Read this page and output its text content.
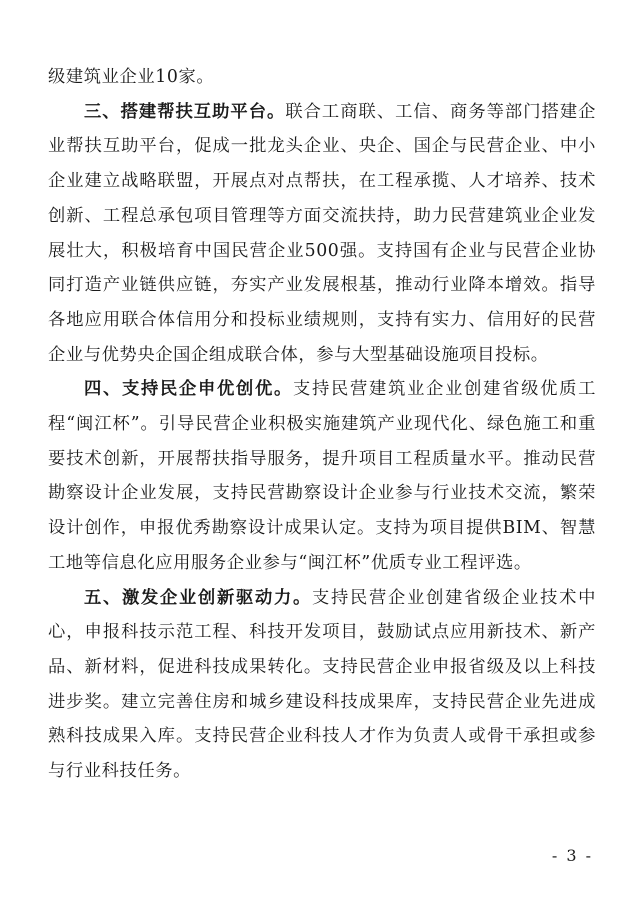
级建筑业企业10家。

三、搭建帮扶互助平台。联合工商联、工信、商务等部门搭建企业帮扶互助平台，促成一批龙头企业、央企、国企与民营企业、中小企业建立战略联盟，开展点对点帮扶，在工程承揽、人才培养、技术创新、工程总承包项目管理等方面交流扶持，助力民营建筑业企业发展壮大，积极培育中国民营企业500强。支持国有企业与民营企业协同打造产业链供应链，夯实产业发展根基，推动行业降本增效。指导各地应用联合体信用分和投标业绩规则，支持有实力、信用好的民营企业与优势央企国企组成联合体，参与大型基础设施项目投标。

四、支持民企申优创优。支持民营建筑业企业创建省级优质工程“闽江杯”。引导民营企业积极实施建筑产业现代化、绿色施工和重要技术创新，开展帮扶指导服务，提升项目工程质量水平。推动民营勘察设计企业发展，支持民营勘察设计企业参与行业技术交流，繁荣设计创作，申报优秀勘察设计成果认定。支持为项目提供BIM、智慧工地等信息化应用服务企业参与“闽江杯”优质专业工程评选。

五、激发企业创新驱动力。支持民营企业创建省级企业技术中心，申报科技示范工程、科技开发项目，鼓励试点应用新技术、新产品、新材料，促进科技成果转化。支持民营企业申报省级及以上科技进步奖。建立完善住房和城乡建设科技成果库，支持民营企业先进成熟科技成果入库。支持民营企业科技人才作为负责人或骨干承担或参与行业科技任务。

- 3 -
